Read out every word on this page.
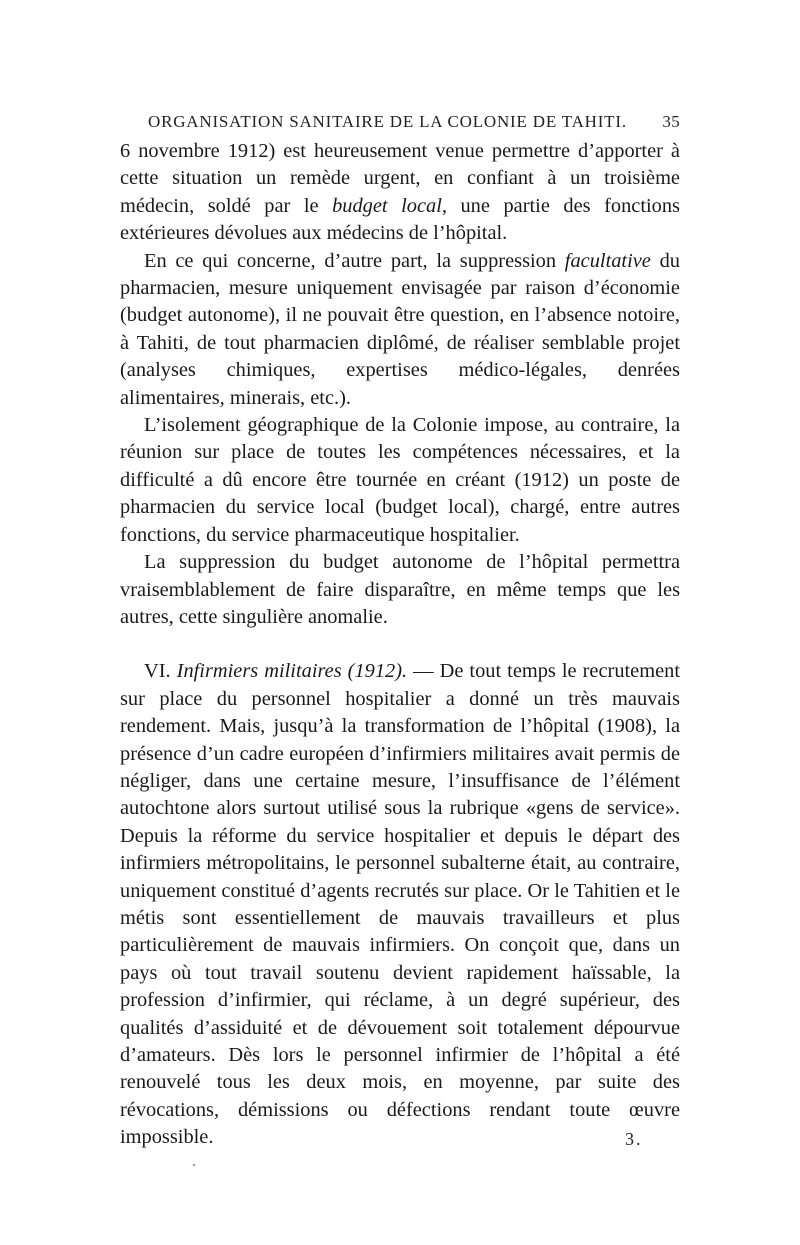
ORGANISATION SANITAIRE DE LA COLONIE DE TAHITI. 35

6 novembre 1912) est heureusement venue permettre d’apporter à cette situation un remède urgent, en confiant à un troisième médecin, soldé par le budget local, une partie des fonctions extérieures dévolues aux médecins de l’hôpital.

En ce qui concerne, d’autre part, la suppression facultative du pharmacien, mesure uniquement envisagée par raison d’économie (budget autonome), il ne pouvait être question, en l’absence notoire, à Tahiti, de tout pharmacien diplômé, de réaliser semblable projet (analyses chimiques, expertises médico-légales, denrées alimentaires, minerais, etc.).

L’isolement géographique de la Colonie impose, au contraire, la réunion sur place de toutes les compétences nécessaires, et la difficulté a dû encore être tournée en créant (1912) un poste de pharmacien du service local (budget local), chargé, entre autres fonctions, du service pharmaceutique hospitalier.

La suppression du budget autonome de l’hôpital permettra vraisemblablement de faire disparaître, en même temps que les autres, cette singulière anomalie.

VI. Infirmiers militaires (1912). — De tout temps le recrutement sur place du personnel hospitalier a donné un très mauvais rendement. Mais, jusqu’à la transformation de l’hôpital (1908), la présence d’un cadre européen d’infirmiers militaires avait permis de négliger, dans une certaine mesure, l’insuffisance de l’élément autochtone alors surtout utilisé sous la rubrique «gens de service». Depuis la réforme du service hospitalier et depuis le départ des infirmiers métropolitains, le personnel subalterne était, au contraire, uniquement constitué d’agents recrutés sur place. Or le Tahitien et le métis sont essentiellement de mauvais travailleurs et plus particulièrement de mauvais infirmiers. On conçoit que, dans un pays où tout travail soutenu devient rapidement haïssable, la profession d’infirmier, qui réclame, à un degré supérieur, des qualités d’assiduité et de dévouement soit totalement dépourvue d’amateurs. Dès lors le personnel infirmier de l’hôpital a été renouvelé tous les deux mois, en moyenne, par suite des révocations, démissions ou défections rendant toute œuvre impossible.	3.
